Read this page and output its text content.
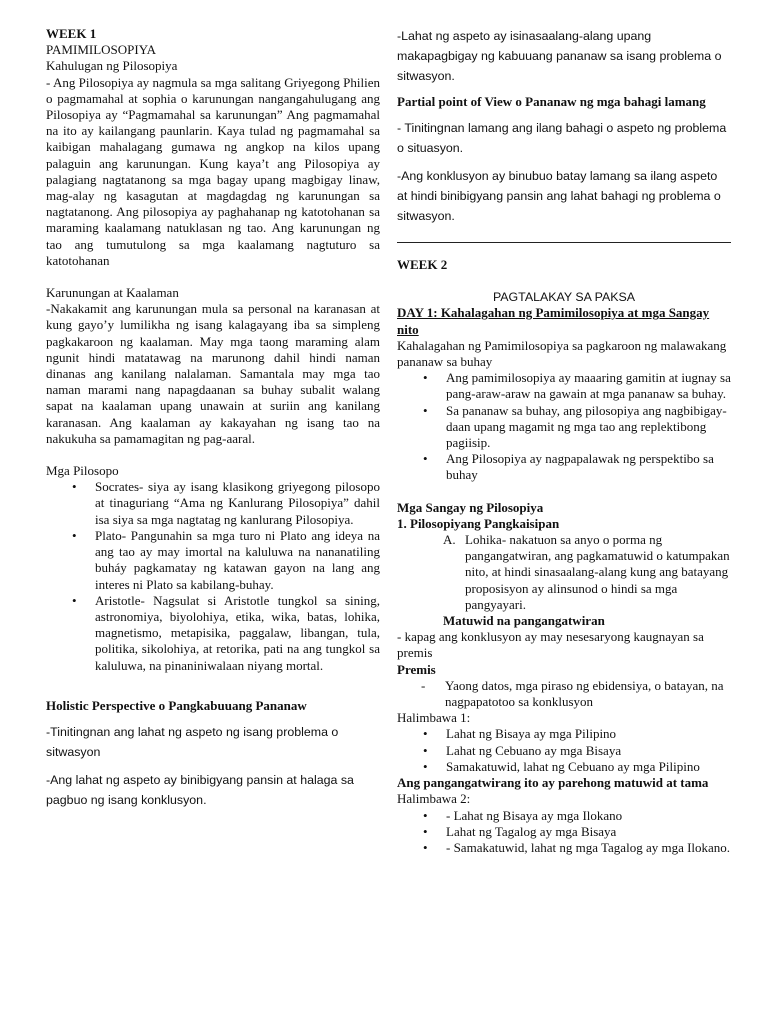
WEEK 1

PAMIMILOSOPIYA

Kahulugan ng Pilosopiya

- Ang Pilosopiya ay nagmula sa mga salitang Griyegong Philien o pagmamahal at sophia o karunungan nangangahulugang ang Pilosopiya ay “Pagmamahal sa karunungan” Ang pagmamahal na ito ay kailangang paunlarin. Kaya tulad ng pagmamahal sa kaibigan mahalagang gumawa ng angkop na kilos upang palaguin ang karunungan. Kung kaya’t ang Pilosopiya ay palagiang nagtatanong sa mga bagay upang magbigay linaw, mag-alay ng kasagutan at magdagdag ng karunungan sa nagtatanong. Ang pilosopiya ay paghahanap ng katotohanan sa maraming kaalamang natuklasan ng tao. Ang karunungan ng tao ang tumutulong sa mga kaalamang nagtuturo sa katotohanan

Karunungan at Kaalaman

-Nakakamit ang karunungan mula sa personal na karanasan at kung gayo’y lumilikha ng isang kalagayang iba sa simpleng pagkakaroon ng kaalaman. May mga taong maraming alam ngunit hindi matatawag na marunong dahil hindi naman dinanas ang kanilang nalalaman. Samantala may mga tao naman marami nang napagdaanan sa buhay subalit walang sapat na kaalaman upang unawain at suriin ang kanilang karanasan. Ang kaalaman ay kakayahan ng isang tao na nakukuha sa pamamagitan ng pag-aaral.

Mga Pilosopo

• Socrates- siya ay isang klasikong griyegong pilosopo at tinaguriang “Ama ng Kanlurang Pilosopiya” dahil isa siya sa mga nagtatag ng kanlurang Pilosopiya.
• Plato- Pangunahin sa mga turo ni Plato ang ideya na ang tao ay may imortal na kaluluwa na nananatiling buháy pagkamatay ng katawan gayon na lang ang interes ni Plato sa kabilang-buhay.
• Aristotle- Nagsulat si Aristotle tungkol sa sining, astronomiya, biyolohiya, etika, wika, batas, lohika, magnetismo, metapisika, paggalaw, libangan, tula, politika, sikolohiya, at retorika, pati na ang tungkol sa kaluluwa, na pinaniniwalaan niyang mortal.

Holistic Perspective o Pangkabuuang Pananaw

-Tinitingnan ang lahat ng aspeto ng isang problema o sitwasyon

-Ang lahat ng aspeto ay binibigyang pansin at halaga sa pagbuo ng isang konklusyon.

-Lahat ng aspeto ay isinasaalang-alang upang makapagbigay ng kabuuang pananaw sa isang problema o sitwasyon.

Partial point of View o Pananaw ng mga bahagi lamang

- Tinitingnan lamang ang ilang bahagi o aspeto ng problema o situasyon.

-Ang konklusyon ay binubuo batay lamang sa ilang aspeto at hindi binibigyang pansin ang lahat bahagi ng problema o sitwasyon.

WEEK 2

PAGTALAKAY SA PAKSA

DAY 1: Kahalagahan ng Pamimilosopiya at mga Sangay nito

Kahalagahan ng Pamimilosopiya sa pagkaroon ng malawakang pananaw sa buhay

• Ang pamimilosopiya ay maaaring gamitin at iugnay sa pang-araw-araw na gawain at mga pananaw sa buhay.
• Sa pananaw sa buhay, ang pilosopiya ang nagbibigay-daan upang magamit ng mga tao ang replektibong pagiisip.
• Ang Pilosopiya ay nagpapalawak ng perspektibo sa buhay

Mga Sangay ng Pilosopiya

1. Pilosopiyang Pangkaisipan

A. Lohika- nakatuon sa anyo o porma ng pangangatwiran, ang pagkamatuwid o katumpakan nito, at hindi sinasaalang-alang kung ang batayang proposisyon ay alinsunod o hindi sa mga pangyayari.

Matuwid na pangangatwiran

- kapag ang konklusyon ay may nesesaryong kaugnayan sa premis

Premis

- Yaong datos, mga piraso ng ebidensiya, o batayan, na nagpapatotoo sa konklusyon

Halimbawa 1:

• Lahat ng Bisaya ay mga Pilipino
• Lahat ng Cebuano ay mga Bisaya
• Samakatuwid, lahat ng Cebuano ay mga Pilipino

Ang pangangatwirang ito ay parehong matuwid at tama

Halimbawa 2:

• - Lahat ng Bisaya ay mga Ilokano
• Lahat ng Tagalog ay mga Bisaya
• - Samakatuwid, lahat ng mga Tagalog ay mga Ilokano.
